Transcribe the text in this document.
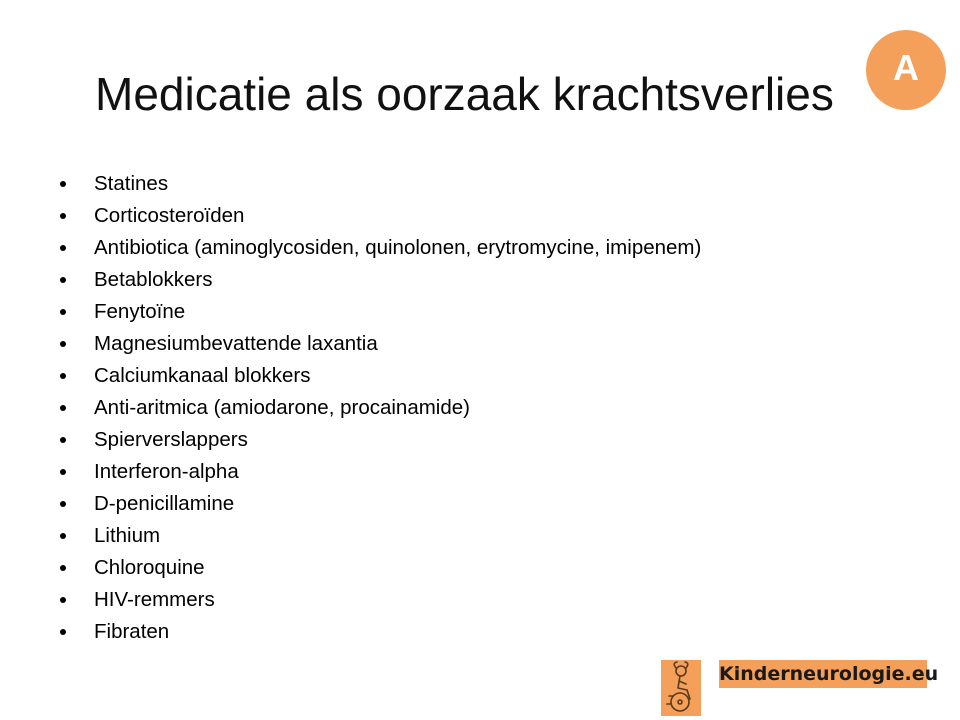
Medicatie als oorzaak krachtsverlies
A
Statines
Corticosteroïden
Antibiotica (aminoglycosiden, quinolonen, erytromycine, imipenem)
Betablokkers
Fenytoïne
Magnesiumbevattende laxantia
Calciumkanaal blokkers
Anti-aritmica (amiodarone, procainamide)
Spierverslappers
Interferon-alpha
D-penicillamine
Lithium
Chloroquine
HIV-remmers
Fibraten
Kinderneurologie.eu
